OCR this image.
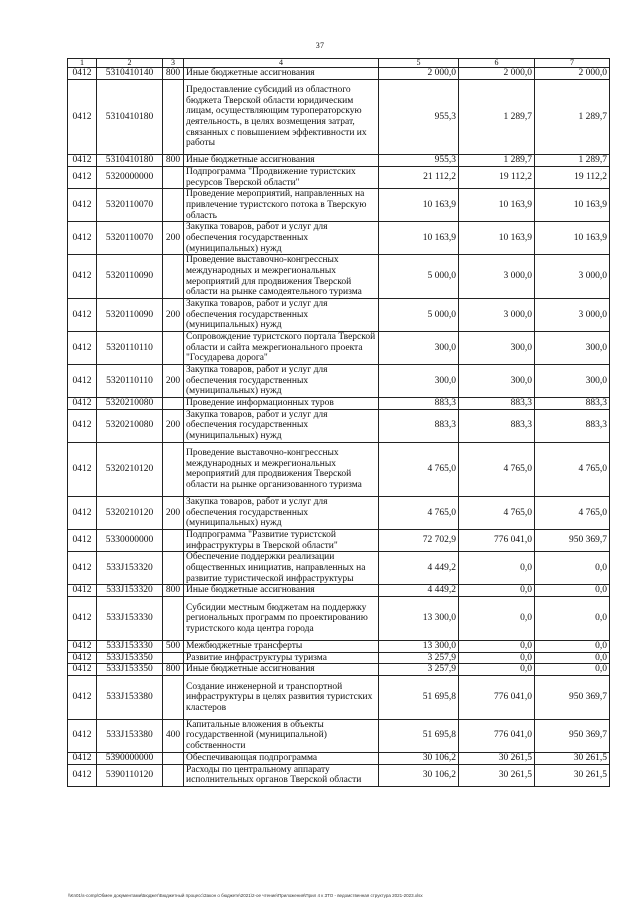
37
1	2	3	4	5	6	7
0412	5310410140	800	Иные бюджетные ассигнования	2 000,0	2 000,0	2 000,0
0412	5310410180		Предоставление субсидий из областного бюджета Тверской области юридическим лицам, осуществляющим туроператорскую деятельность, в целях возмещения затрат, связанных с повышением эффективности их работы	955,3	1 289,7	1 289,7
0412	5310410180	800	Иные бюджетные ассигнования	955,3	1 289,7	1 289,7
0412	5320000000		Подпрограмма "Продвижение туристских ресурсов Тверской области"	21 112,2	19 112,2	19 112,2
0412	5320110070		Проведение мероприятий, направленных на привлечение туристского потока в Тверскую область	10 163,9	10 163,9	10 163,9
0412	5320110070	200	Закупка товаров, работ и услуг для обеспечения государственных (муниципальных) нужд	10 163,9	10 163,9	10 163,9
0412	5320110090		Проведение выставочно-конгрессных международных и межрегиональных мероприятий для продвижения Тверской области на рынке самодеятельного туризма	5 000,0	3 000,0	3 000,0
0412	5320110090	200	Закупка товаров, работ и услуг для обеспечения государственных (муниципальных) нужд	5 000,0	3 000,0	3 000,0
0412	5320110110		Сопровождение туристского портала Тверской области и сайта межрегионального проекта "Государева дорога"	300,0	300,0	300,0
0412	5320110110	200	Закупка товаров, работ и услуг для обеспечения государственных (муниципальных) нужд	300,0	300,0	300,0
0412	5320210080		Проведение информационных туров	883,3	883,3	883,3
0412	5320210080	200	Закупка товаров, работ и услуг для обеспечения государственных (муниципальных) нужд	883,3	883,3	883,3
0412	5320210120		Проведение выставочно-конгрессных международных и межрегиональных мероприятий для продвижения Тверской области на рынке организованного туризма	4 765,0	4 765,0	4 765,0
0412	5320210120	200	Закупка товаров, работ и услуг для обеспечения государственных (муниципальных) нужд	4 765,0	4 765,0	4 765,0
0412	5330000000		Подпрограмма "Развитие туристской инфраструктуры в Тверской области"	72 702,9	776 041,0	950 369,7
0412	533J153320		Обеспечение поддержки реализации общественных инициатив, направленных на развитие туристической инфраструктуры	4 449,2	0,0	0,0
0412	533J153320	800	Иные бюджетные ассигнования	4 449,2	0,0	0,0
0412	533J153330		Субсидии местным бюджетам на поддержку региональных программ по проектированию туристского кода центра города	13 300,0	0,0	0,0
0412	533J153330	500	Межбюджетные трансферты	13 300,0	0,0	0,0
0412	533J153350		Развитие инфраструктуры туризма	3 257,9	0,0	0,0
0412	533J153350	800	Иные бюджетные ассигнования	3 257,9	0,0	0,0
0412	533J153380		Создание инженерной и транспортной инфраструктуры в целях развития туристских кластеров	51 695,8	776 041,0	950 369,7
0412	533J153380	400	Капитальные вложения в объекты государственной (муниципальной) собственности	51 695,8	776 041,0	950 369,7
0412	5390000000		Обеспечивающая подпрограмма	30 106,2	30 261,5	30 261,5
0412	5390110120		Расходы по центральному аппарату исполнительных органов Тверской области	30 106,2	30 261,5	30 261,5
\\Kn01\s-comp\Обмен документами\Бюджет\Бюджетный процесс\Закон о бюджете\2021\2-ое чтение\Приложения\Прил 4 к ЗТО - ведомственная структура 2021-2023.xlsx
